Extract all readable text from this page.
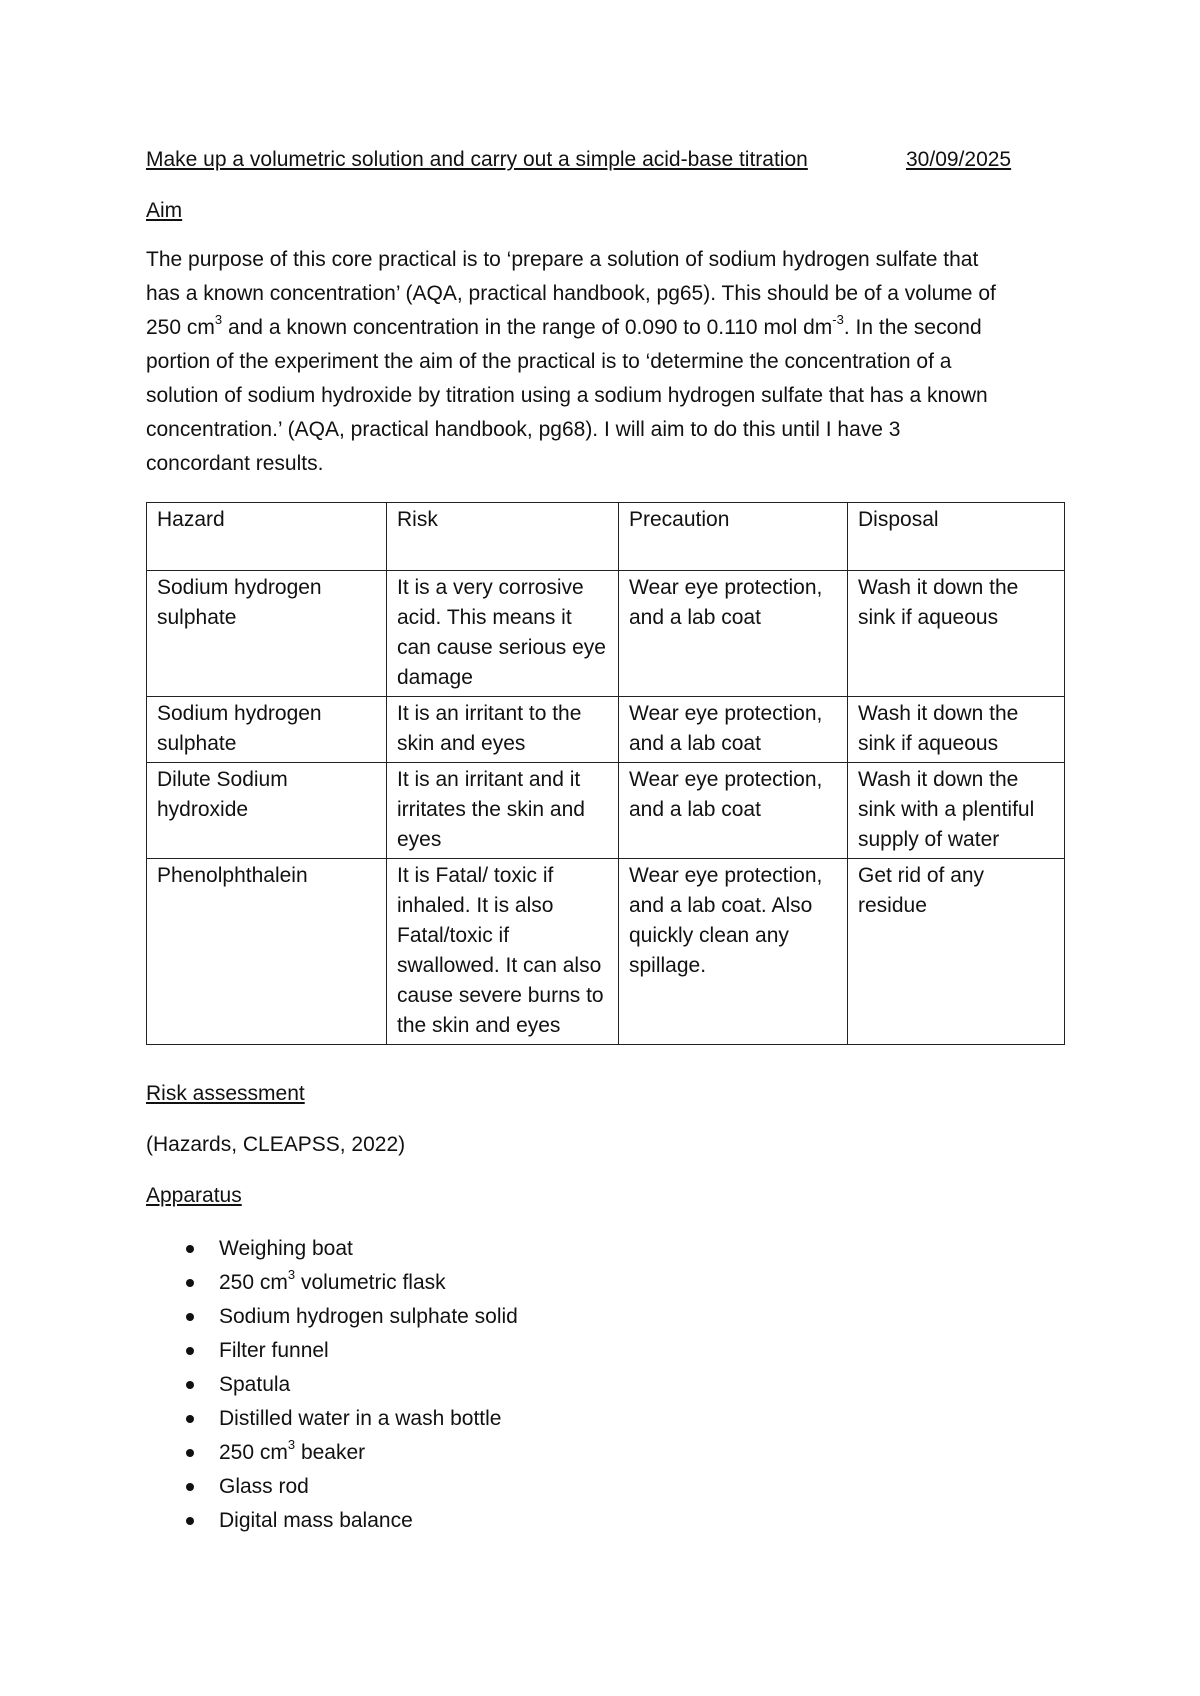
Make up a volumetric solution and carry out a simple acid-base titration	30/09/2025
Aim
The purpose of this core practical is to ‘prepare a solution of sodium hydrogen sulfate that
has a known concentration’ (AQA, practical handbook, pg65). This should be of a volume of
250 $cm^3$ and a known concentration in the range of 0.090 to 0.110 mol $dm^{-3}$. In the second
portion of the experiment the aim of the practical is to ‘determine the concentration of a
solution of sodium hydroxide by titration using a sodium hydrogen sulfate that has a known
concentration.’ (AQA, practical handbook, pg68). I will aim to do this until I have 3
concordant results.
Hazard	Risk	Precaution	Disposal
Sodium hydrogen sulphate	It is a very corrosive acid. This means it can cause serious eye damage	Wear eye protection, and a lab coat	Wash it down the sink if aqueous
Sodium hydrogen sulphate	It is an irritant to the skin and eyes	Wear eye protection, and a lab coat	Wash it down the sink if aqueous
Dilute Sodium hydroxide	It is an irritant and it irritates the skin and eyes	Wear eye protection, and a lab coat	Wash it down the sink with a plentiful supply of water
Phenolphthalein	It is Fatal/ toxic if inhaled. It is also Fatal/toxic if swallowed. It can also cause severe burns to the skin and eyes	Wear eye protection, and a lab coat. Also quickly clean any spillage.	Get rid of any residue
Risk assessment
(Hazards, CLEAPSS, 2022)
Apparatus
Weighing boat
250 $cm^3$ volumetric flask
Sodium hydrogen sulphate solid
Filter funnel
Spatula
Distilled water in a wash bottle
250 $cm^3$ beaker
Glass rod
Digital mass balance
